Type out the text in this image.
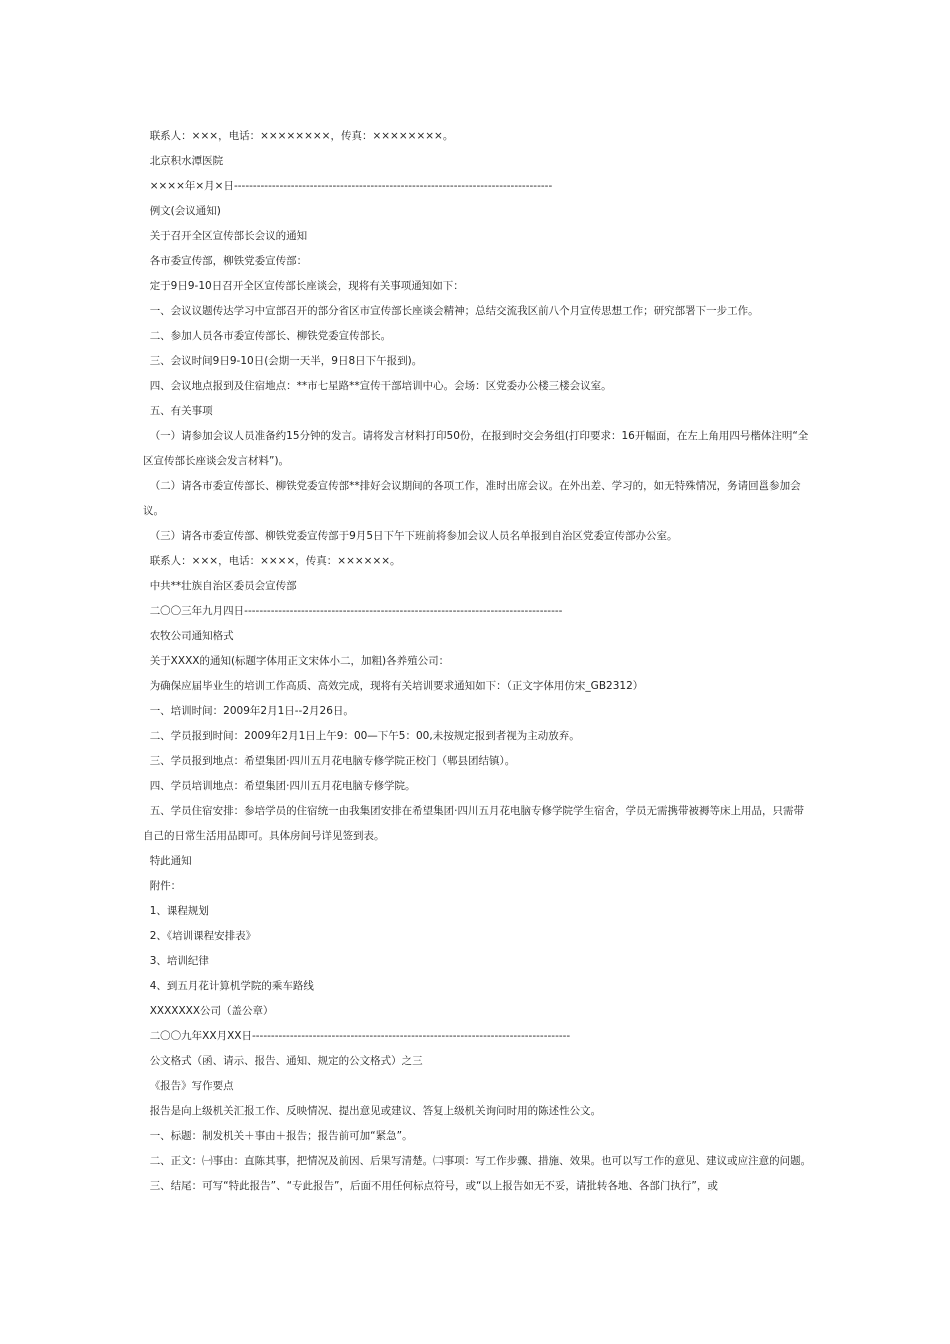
联系人：×××，电话：××××××××，传真：××××××××。

北京积水潭医院

××××年×月×日------------------------------------------------------------------------------------

例文(会议通知)

关于召开全区宣传部长会议的通知

各市委宣传部，柳铁党委宣传部：

定于9日9-10日召开全区宣传部长座谈会，现将有关事项通知如下：

一、会议议题传达学习中宣部召开的部分省区市宣传部长座谈会精神；总结交流我区前八个月宣传思想工作；研究部署下一步工作。

二、参加人员各市委宣传部长、柳铁党委宣传部长。

三、会议时间9日9-10日(会期一天半，9日8日下午报到)。

四、会议地点报到及住宿地点：**市七星路**宣传干部培训中心。会场：区党委办公楼三楼会议室。

五、有关事项

（一）请参加会议人员准备约15分钟的发言。请将发言材料打印50份，在报到时交会务组(打印要求：16开幅面，在左上角用四号楷体注明“全区宣传部长座谈会发言材料”)。

（二）请各市委宣传部长、柳铁党委宣传部**排好会议期间的各项工作，准时出席会议。在外出差、学习的，如无特殊情况，务请回邕参加会议。

（三）请各市委宣传部、柳铁党委宣传部于9月5日下午下班前将参加会议人员名单报到自治区党委宣传部办公室。

联系人：×××，电话：××××，传真：××××××。

中共**壮族自治区委员会宣传部

二〇〇三年九月四日------------------------------------------------------------------------------------

农牧公司通知格式

关于XXXX的通知(标题字体用正文宋体小二，加粗)各养殖公司：

为确保应届毕业生的培训工作高质、高效完成，现将有关培训要求通知如下：（正文字体用仿宋_GB2312）

一、培训时间：2009年2月1日--2月26日。

二、学员报到时间：2009年2月1日上午9：00—下午5：00,未按规定报到者视为主动放弃。

三、学员报到地点：希望集团·四川五月花电脑专修学院正校门（郫县团结镇）。

四、学员培训地点：希望集团·四川五月花电脑专修学院。

五、学员住宿安排：参培学员的住宿统一由我集团安排在希望集团·四川五月花电脑专修学院学生宿舍，学员无需携带被褥等床上用品，只需带自己的日常生活用品即可。具体房间号详见签到表。

特此通知

附件：

1、课程规划

2、《培训课程安排表》

3、培训纪律

4、到五月花计算机学院的乘车路线

XXXXXXX公司（盖公章）

二〇〇九年XX月XX日------------------------------------------------------------------------------------

公文格式（函、请示、报告、通知、规定的公文格式）之三

《报告》写作要点

报告是向上级机关汇报工作、反映情况、提出意见或建议、答复上级机关询问时用的陈述性公文。

一、标题：制发机关＋事由＋报告；报告前可加“紧急”。

二、正文：㈠事由：直陈其事，把情况及前因、后果写清楚。㈡事项：写工作步骤、措施、效果。也可以写工作的意见、建议或应注意的问题。

三、结尾：可写“特此报告”、“专此报告”，后面不用任何标点符号，或“以上报告如无不妥，请批转各地、各部门执行”，或
